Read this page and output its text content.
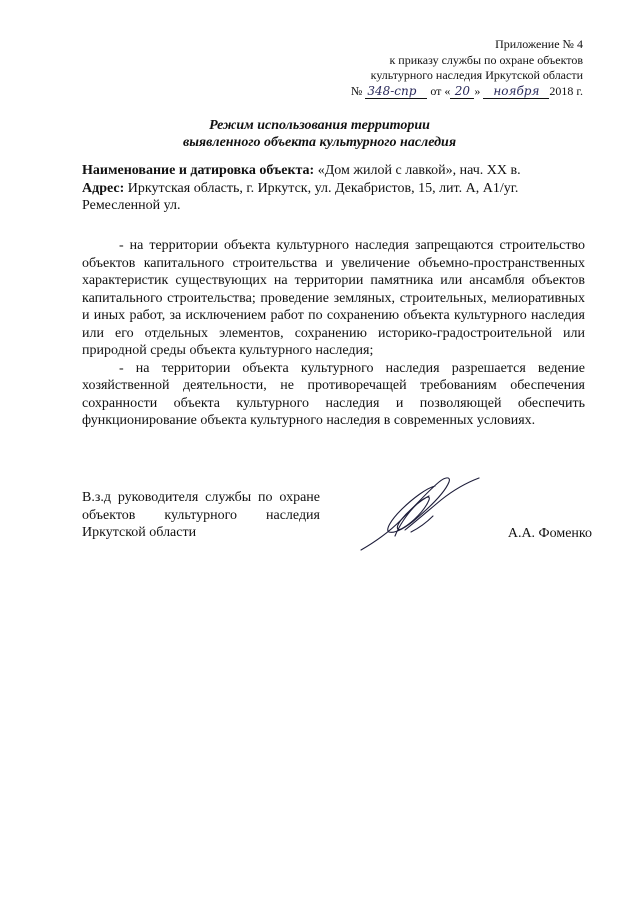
Приложение № 4
к приказу службы по охране объектов
культурного наследия Иркутской области
№ 348-спр от « 20 » ноября 2018 г.
Режим использования территории
выявленного объекта культурного наследия
Наименование и датировка объекта: «Дом жилой с лавкой», нач. XX в.
Адрес: Иркутская область, г. Иркутск, ул. Декабристов, 15, лит. А, А1/уг. Ремесленной ул.

- на территории объекта культурного наследия запрещаются строительство объектов капитального строительства и увеличение объемно-пространственных характеристик существующих на территории памятника или ансамбля объектов капитального строительства; проведение земляных, строительных, мелиоративных и иных работ, за исключением работ по сохранению объекта культурного наследия или его отдельных элементов, сохранению историко-градостроительной или природной среды объекта культурного наследия;

- на территории объекта культурного наследия разрешается ведение хозяйственной деятельности, не противоречащей требованиям обеспечения сохранности объекта культурного наследия и позволяющей обеспечить функционирование объекта культурного наследия в современных условиях.

В.з.д руководителя службы по охране объектов культурного наследия Иркутской области	А.А. Фоменко
